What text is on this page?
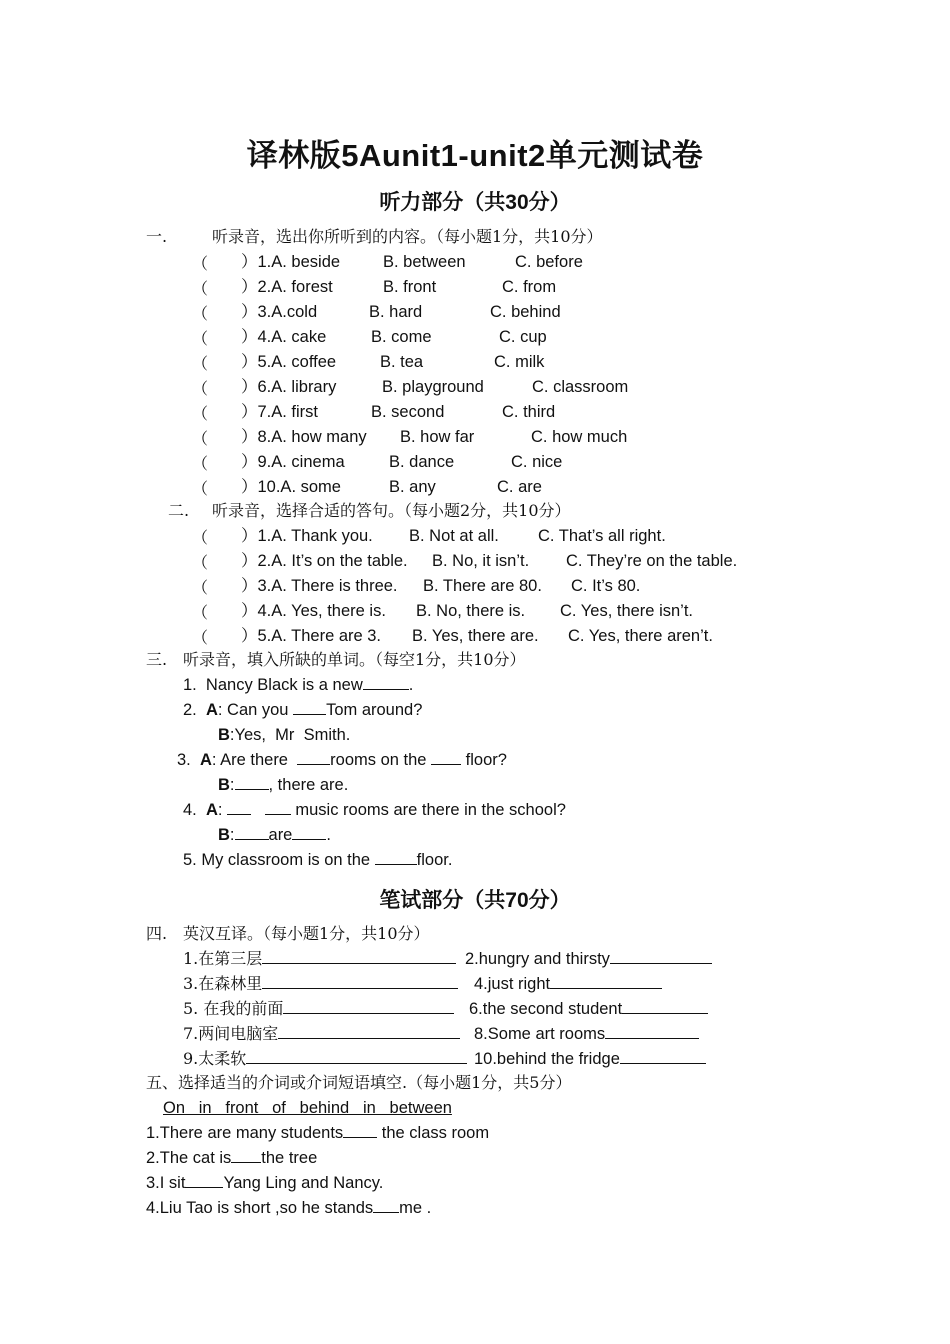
译林版5Aunit1-unit2单元测试卷
听力部分（共30分）
一.	听录音，选出你所听到的内容。（每小题1分，共10分）
（ ）1.A. beside	B. between	C. before
（ ）2.A. forest	B. front	C. from
（ ）3.A.cold	B. hard	C. behind
（ ）4.A. cake	B. come	C. cup
（ ）5.A. coffee	B. tea	C. milk
（ ）6.A. library	B. playground	C. classroom
（ ）7.A. first	B. second	C. third
（ ）8.A. how many B. how far	C. how much
（ ）9.A. cinema	B. dance	C. nice
（ ）10.A. some	B. any	C. are
二. 听录音，选择合适的答句。（每小题2分，共10分）
（ ）1.A. Thank you. B. Not at all. C. That’s all right.
（ ）2.A. It’s on the table. B. No, it isn’t. C. They’re on the table.
（ ）3.A. There is three. B. There are 80. C. It’s 80.
（ ）4.A. Yes, there is. B. No, there is. C. Yes, there isn’t.
（ ）5.A. There are 3. B. Yes, there are. C. Yes, there aren’t.
三. 听录音，填入所缺的单词。（每空1分，共10分）
1.  Nancy Black is a new	.
2. A: Can you Tom around?
B:Yes,  Mr  Smith.
3. A: Are there	rooms on the floor?
B: , there are.
4. A:	music rooms are there in the school?
B: are .
5. My classroom is on the	floor.
笔试部分（共70分）
四. 英汉互译。（每小题1分，共10分）
1.在第三层	2.hungry and thirsty
3.在森林里	4.just right
5. 在我的前面	6.the second student
7.两间电脑室	8.Some art rooms
9.太柔软	10.behind the fridge
五、选择适当的介词或介词短语填空.（每小题1分，共5分）
On   in   front   of   behind   in   between
1.There are many students the class room
2.The cat is the tree
3.I sit Yang Ling and Nancy.
4.Liu Tao is short ,so he stands me .
